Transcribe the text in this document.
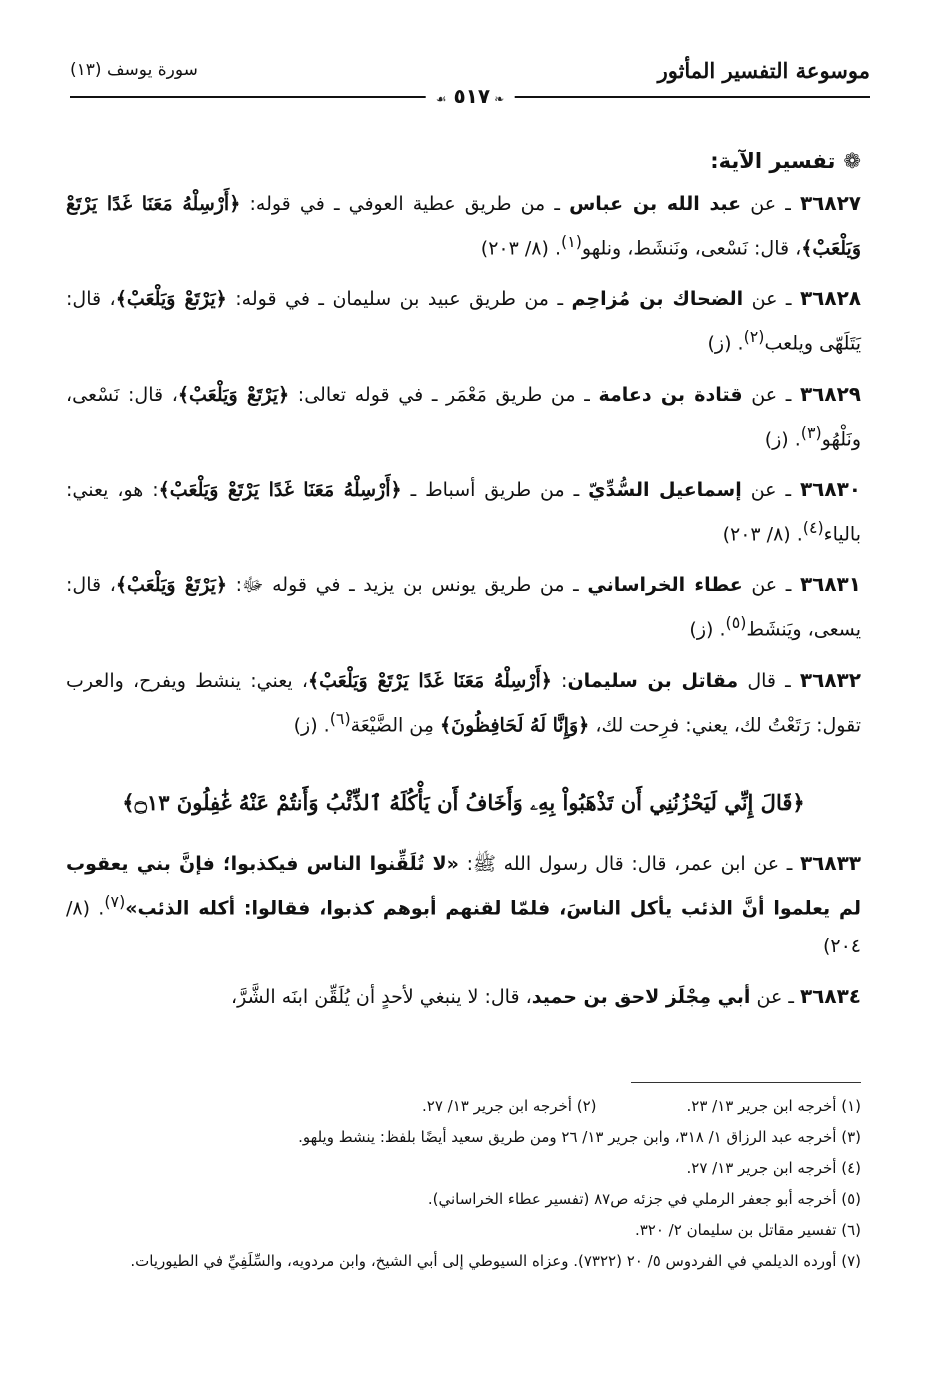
موسوعة التفسير المأثور
سورة يوسف (١٣)
❧ ٥١٧ ☙

❁تفسير الآية:

٣٦٨٢٧ ـ عن عبد الله بن عباس ـ من طريق عطية العوفي ـ في قوله: ﴿أَرْسِلْهُ مَعَنَا غَدًا يَرْتَعْ وَيَلْعَبْ﴾، قال: نَسْعى، ونَنشَط، ونلهو$^{(١)}$. (٨/ ٢٠٣)

٣٦٨٢٨ ـ عن الضحاك بن مُزاحِم ـ من طريق عبيد بن سليمان ـ في قوله: ﴿يَرْتَعْ وَيَلْعَبْ﴾، قال: يَتَلَهّى ويلعب$^{(٢)}$. (ز)

٣٦٨٢٩ ـ عن قتادة بن دعامة ـ من طريق مَعْمَر ـ في قوله تعالى: ﴿يَرْتَعْ وَيَلْعَبْ﴾، قال: نَسْعى، ونَلْهُو$^{(٣)}$. (ز)

٣٦٨٣٠ ـ عن إسماعيل السُّدِّيّ ـ من طريق أسباط ـ ﴿أَرْسِلْهُ مَعَنَا غَدًا يَرْتَعْ وَيَلْعَبْ﴾: هو، يعني: بالياء$^{(٤)}$. (٨/ ٢٠٣)

٣٦٨٣١ ـ عن عطاء الخراساني ـ من طريق يونس بن يزيد ـ في قوله ﷻ: ﴿يَرْتَعْ وَيَلْعَبْ﴾، قال: يسعى، ويَنشَط$^{(٥)}$. (ز)

٣٦٨٣٢ ـ قال مقاتل بن سليمان: ﴿أَرْسِلْهُ مَعَنَا غَدًا يَرْتَعْ وَيَلْعَبْ﴾، يعني: ينشط ويفرح، والعرب تقول: رَتَعْتُ لك، يعني: فرِحت لك، ﴿وَإِنَّا لَهُ لَحَافِظُونَ﴾ مِن الضَّيْعَة$^{(٦)}$. (ز)

﴿قَالَ إِنِّي لَيَحْزُنُنِي أَن تَذْهَبُواْ بِهِۦ وَأَخَافُ أَن يَأْكُلَهُ ٱلذِّئْبُ وَأَنتُمْ عَنْهُ غَٰفِلُونَ ۝١٣﴾

٣٦٨٣٣ ـ عن ابن عمر، قال: قال رسول الله ﷺ: «لا تُلَقِّنوا الناس فيكذبوا؛ فإنَّ بني يعقوب لم يعلموا أنَّ الذئب يأكل الناسَ، فلمّا لقنهم أبوهم كذبوا، فقالوا: أكله الذئب»$^{(٧)}$. (٨/ ٢٠٤)

٣٦٨٣٤ ـ عن أبي مِجْلَز لاحق بن حميد، قال: لا ينبغي لأحدٍ أن يُلَقِّن ابنَه الشَّرَّ،

(١) أخرجه ابن جرير ١٣/ ٢٣.

(٢) أخرجه ابن جرير ١٣/ ٢٧.

(٣) أخرجه عبد الرزاق ١/ ٣١٨، وابن جرير ١٣/ ٢٦ ومن طريق سعيد أيضًا بلفظ: ينشط ويلهو.

(٤) أخرجه ابن جرير ١٣/ ٢٧.

(٥) أخرجه أبو جعفر الرملي في جزئه ص٨٧ (تفسير عطاء الخراساني).

(٦) تفسير مقاتل بن سليمان ٢/ ٣٢٠.

(٧) أورده الديلمي في الفردوس ٥/ ٢٠ (٧٣٢٢). وعزاه السيوطي إلى أبي الشيخ، وابن مردويه، والسِّلَفِيِّ في الطيوريات.
